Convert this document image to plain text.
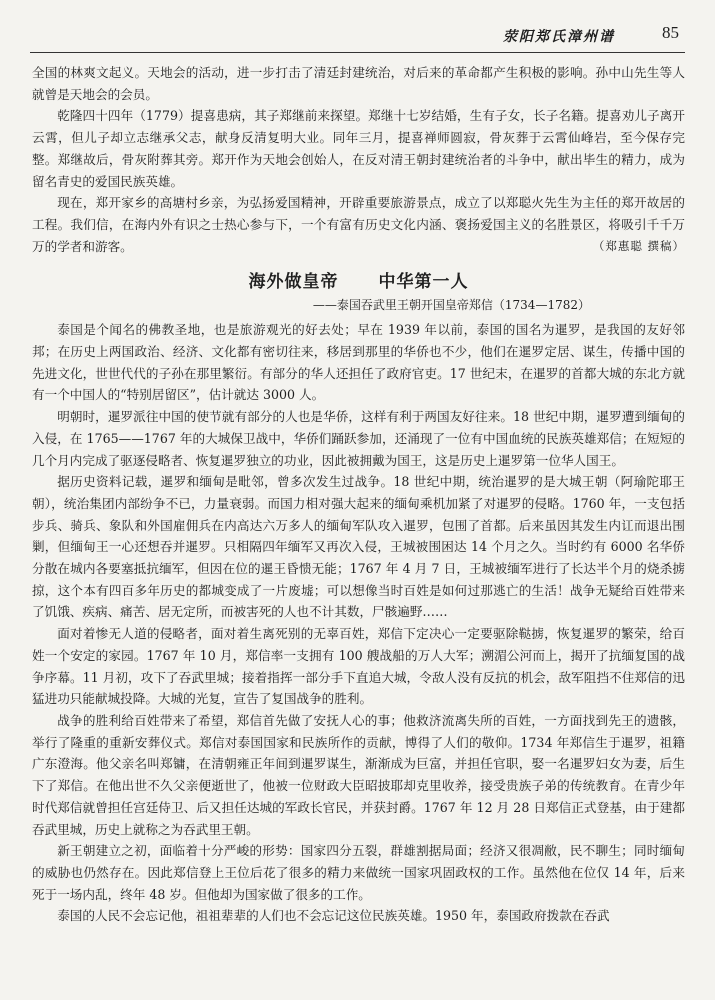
荥阳郑氏漳州谱	85

全国的林爽文起义。天地会的活动，进一步打击了清廷封建统治，对后来的革命都产生积极的影响。孙中山先生等人就曾是天地会的会员。

乾隆四十四年（1779）提喜患病，其子郑继前来探望。郑继十七岁结婚，生有子女，长子名籍。提喜劝儿子离开云霄，但儿子却立志继承父志，献身反清复明大业。同年三月，提喜禅师圆寂，骨灰葬于云霄仙峰岩，至今保存完整。郑继故后，骨灰附葬其旁。郑开作为天地会创始人，在反对清王朝封建统治者的斗争中，献出毕生的精力，成为留名青史的爱国民族英雄。

现在，郑开家乡的高塘村乡亲，为弘扬爱国精神，开辟重要旅游景点，成立了以郑聪火先生为主任的郑开故居的工程。我们信，在海内外有识之士热心参与下，一个有富有历史文化内涵、褒扬爱国主义的名胜景区，将吸引千千万万的学者和游客。	（郑惠聪 撰稿）

海外做皇帝 中华第一人
——泰国吞武里王朝开国皇帝郑信（1734—1782）

泰国是个闻名的佛教圣地，也是旅游观光的好去处；早在 1939 年以前，泰国的国名为暹罗，是我国的友好邻邦；在历史上两国政治、经济、文化都有密切往来，移居到那里的华侨也不少，他们在暹罗定居、谋生，传播中国的先进文化，世世代代的子孙在那里繁衍。有部分的华人还担任了政府官吏。17 世纪末，在暹罗的首都大城的东北方就有一个中国人的“特别居留区”，估计就达 3000 人。

明朝时，暹罗派往中国的使节就有部分的人也是华侨，这样有利于两国友好往来。18 世纪中期，暹罗遭到缅甸的入侵，在 1765——1767 年的大城保卫战中，华侨们踊跃参加，还涌现了一位有中国血统的民族英雄郑信；在短短的几个月内完成了驱逐侵略者、恢复暹罗独立的功业，因此被拥戴为国王，这是历史上暹罗第一位华人国王。

据历史资料记载，暹罗和缅甸是毗邻，曾多次发生过战争。18 世纪中期，统治暹罗的是大城王朝（阿瑜陀耶王朝），统治集团内部纷争不已，力量衰弱。而国力相对强大起来的缅甸乘机加紧了对暹罗的侵略。1760 年，一支包括步兵、骑兵、象队和外国雇佣兵在内高达六万多人的缅甸军队攻入暹罗，包围了首都。后来虽因其发生内讧而退出围剿，但缅甸王一心还想吞并暹罗。只相隔四年缅军又再次入侵，王城被围困达 14 个月之久。当时约有 6000 名华侨分散在城内各要塞抵抗缅军，但因在位的暹王昏愦无能；1767 年 4 月 7 日，王城被缅军进行了长达半个月的烧杀掳掠，这个本有四百多年历史的都城变成了一片废墟；可以想像当时百姓是如何过那逃亡的生活！战争无疑给百姓带来了饥饿、疾病、痛苦、居无定所，而被害死的人也不计其数，尸骸遍野……

面对着惨无人道的侵略者，面对着生离死别的无辜百姓，郑信下定决心一定要驱除鞑掳，恢复暹罗的繁荣，给百姓一个安定的家园。1767 年 10 月，郑信率一支拥有 100 艘战船的万人大军；溯湄公河而上，揭开了抗缅复国的战争序幕。11 月初，攻下了吞武里城；接着指挥一部分手下直追大城，令敌人没有反抗的机会，敌军阻挡不住郑信的迅猛进功只能献城投降。大城的光复，宣告了复国战争的胜利。

战争的胜利给百姓带来了希望，郑信首先做了安抚人心的事；他救济流离失所的百姓，一方面找到先王的遗骸，举行了隆重的重新安葬仪式。郑信对泰国国家和民族所作的贡献，博得了人们的敬仰。1734 年郑信生于暹罗，祖籍广东澄海。他父亲名叫郑镛，在清朝雍正年间到暹罗谋生，渐渐成为巨富，并担任官职，娶一名暹罗妇女为妻，后生下了郑信。在他出世不久父亲便逝世了，他被一位财政大臣昭披耶却克里收养，接受贵族子弟的传统教育。在青少年时代郑信就曾担任宫廷侍卫、后又担任达城的军政长官民，并获封爵。1767 年 12 月 28 日郑信正式登基，由于建都吞武里城，历史上就称之为吞武里王朝。

新王朝建立之初，面临着十分严峻的形势：国家四分五裂，群雄割据局面；经济又很凋敝，民不聊生；同时缅甸的威胁也仍然存在。因此郑信登上王位后花了很多的精力来做统一国家巩固政权的工作。虽然他在位仅 14 年，后来死于一场内乱，终年 48 岁。但他却为国家做了很多的工作。

泰国的人民不会忘记他，祖祖辈辈的人们也不会忘记这位民族英雄。1950 年，泰国政府拨款在吞武
